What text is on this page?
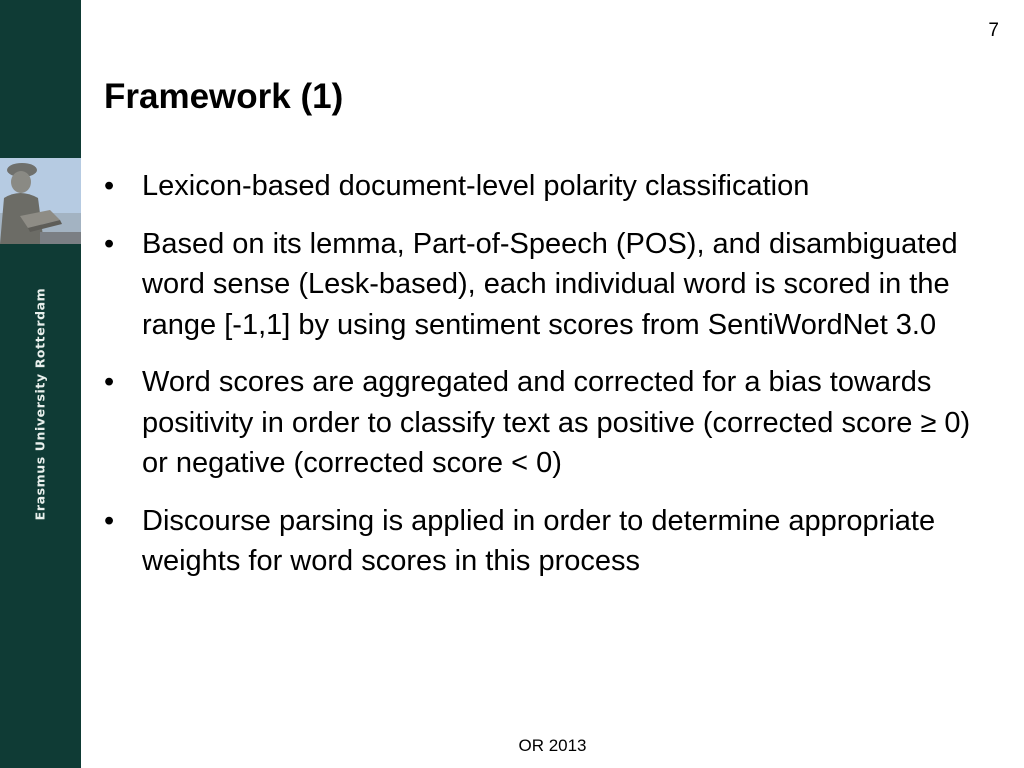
Erasmus University Rotterdam
7
Framework (1)
• Lexicon-based document-level polarity classification
• Based on its lemma, Part-of-Speech (POS), and disambiguated word sense (Lesk-based), each individual word is scored in the range [-1,1] by using sentiment scores from SentiWordNet 3.0
• Word scores are aggregated and corrected for a bias towards positivity in order to classify text as positive (corrected score ≥ 0) or negative (corrected score < 0)
• Discourse parsing is applied in order to determine appropriate weights for word scores in this process
OR 2013
